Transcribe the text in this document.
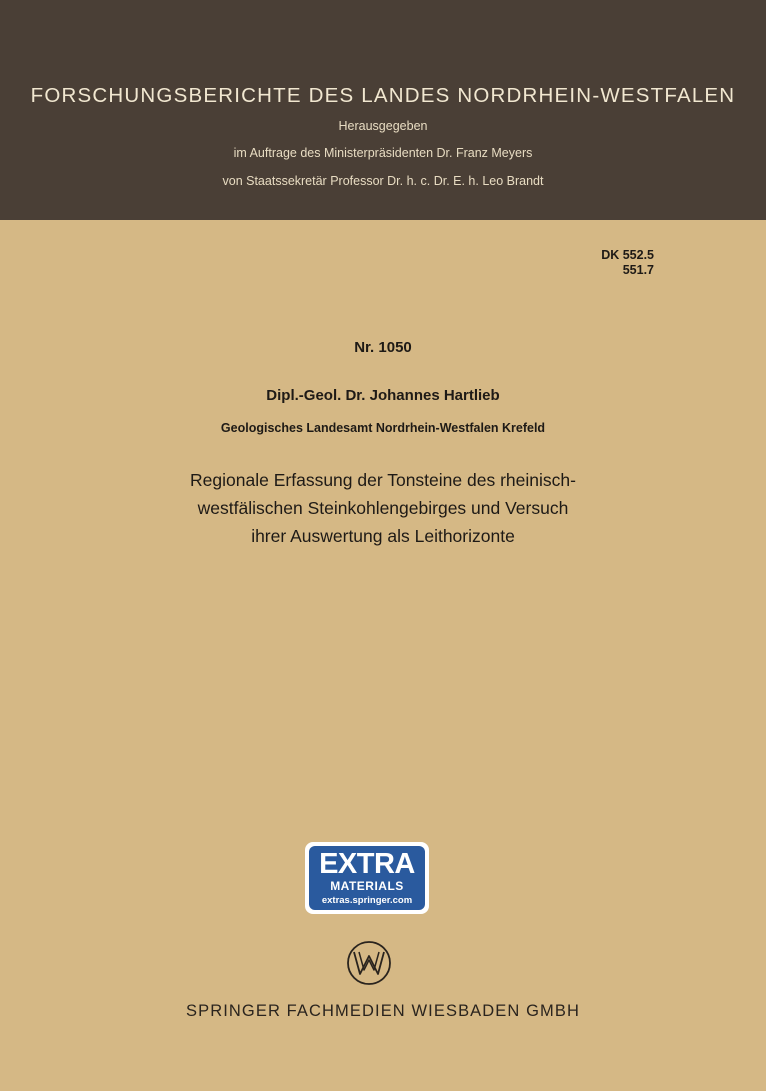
FORSCHUNGSBERICHTE DES LANDES NORDRHEIN-WESTFALEN
Herausgegeben
im Auftrage des Ministerpräsidenten Dr. Franz Meyers
von Staatssekretär Professor Dr. h. c. Dr. E. h. Leo Brandt
DK 552.5
551.7
Nr. 1050
Dipl.-Geol. Dr. Johannes Hartlieb
Geologisches Landesamt Nordrhein-Westfalen Krefeld
Regionale Erfassung der Tonsteine des rheinisch-
westfälischen Steinkohlengebirges und Versuch
ihrer Auswertung als Leithorizonte
EXTRA
MATERIALS
extras.springer.com
SPRINGER FACHMEDIEN WIESBADEN GMBH
